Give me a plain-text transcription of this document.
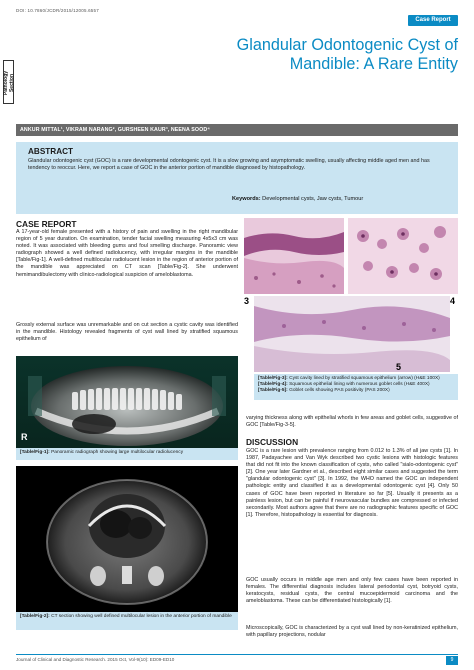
DOI: 10.7860/JCDR/2015/12005.6557
Case Report
Pathology Section
Glandular Odontogenic Cyst of Mandible: A Rare Entity
ANKUR MITTAL¹, VIKRAM NARANG², GURSHEEN KAUR³, NEENA SOOD⁴
ABSTRACT
Glandular odontogenic cyst (GOC) is a rare developmental odontogenic cyst. It is a slow growing and asymptomatic swelling, usually affecting middle aged men and has tendency to reoccur. Here, we report a case of GOC in the anterior portion of mandible diagnosed by histopathology.
Keywords: Developmental cysts, Jaw cysts, Tumour
CASE REPORT
A 17-year-old female presented with a history of pain and swelling in the right mandibular region of 5 year duration. On examination, tender facial swelling measuring 4x5x3 cm was noted. It was associated with bleeding gums and foul smelling discharge. Panoramic view radiograph showed a well defined radiolucency, with irregular margins in the mandible [Table/Fig-1]. A well-defined multilocular radiolucent lesion in the region of anterior portion of the mandible was appreciated on CT scan [Table/Fig-2]. She underwent hemimandibulectomy with clinico-radiological suspicion of ameloblastoma.
Grossly external surface was unremarkable and on cut section a cystic cavity was identified in the mandible. Histology revealed fragments of cyst wall lined by stratified squamous epithelium of
R
[Table/Fig-1]: Panoramic radiograph showing large multilocular radiolucency
[Table/Fig-2]: CT section showing well defined multilocular lesion in the anterior portion of mandible
3	4
5
[Table/Fig-3]: Cyst cavity lined by stratified squamous epithelium (arrow) (H&E 100X)
[Table/Fig-4]: Squamous epithelial lining with numerous goblet cells (H&E 400X)
[Table/Fig-5]: Goblet cells showing PAS positivity (PAS 200X)
varying thickness along with epithelial whorls in few areas and goblet cells, suggestive of GOC [Table/Fig-3-5].
DISCUSSION
GOC is a rare lesion with prevalence ranging from 0.012 to 1.3% of all jaw cysts [1]. In 1987, Padayachee and Van Wyk described two cystic lesions with histologic features that did not fit into the known classification of cysts, who called "sialo-odontogenic cyst" [2]. One year later Gardner et al., described eight similar cases and suggested the term "glandular odontogenic cyst" [3]. In 1992, the WHO named the GOC an independent pathologic entity and classified it as a developmental odontogenic cyst [4]. Only 50 cases of GOC have been reported in literature so far [5]. Usually it presents as a painless lesion, but can be painful if neurovascular bundles are compressed or infected secondarily. Most authors agree that there are no radiographic features specific of GOC [1]. Therefore, histopathology is essential for diagnosis.
GOC usually occurs in middle age men and only few cases have been reported in females. The differential diagnosis includes lateral periodontal cyst, botryoid cysts, keratocysts, residual cysts, the central mucoepidermoid carcinoma and the ameloblastoma. These can be differentiated histologically [1].
Microscopically, GOC is characterized by a cyst wall lined by non-keratinized epithelium, with papillary projections, nodular
Journal of Clinical and Diagnostic Research. 2015 Oct, Vol-9(10): ED09-ED10	9
